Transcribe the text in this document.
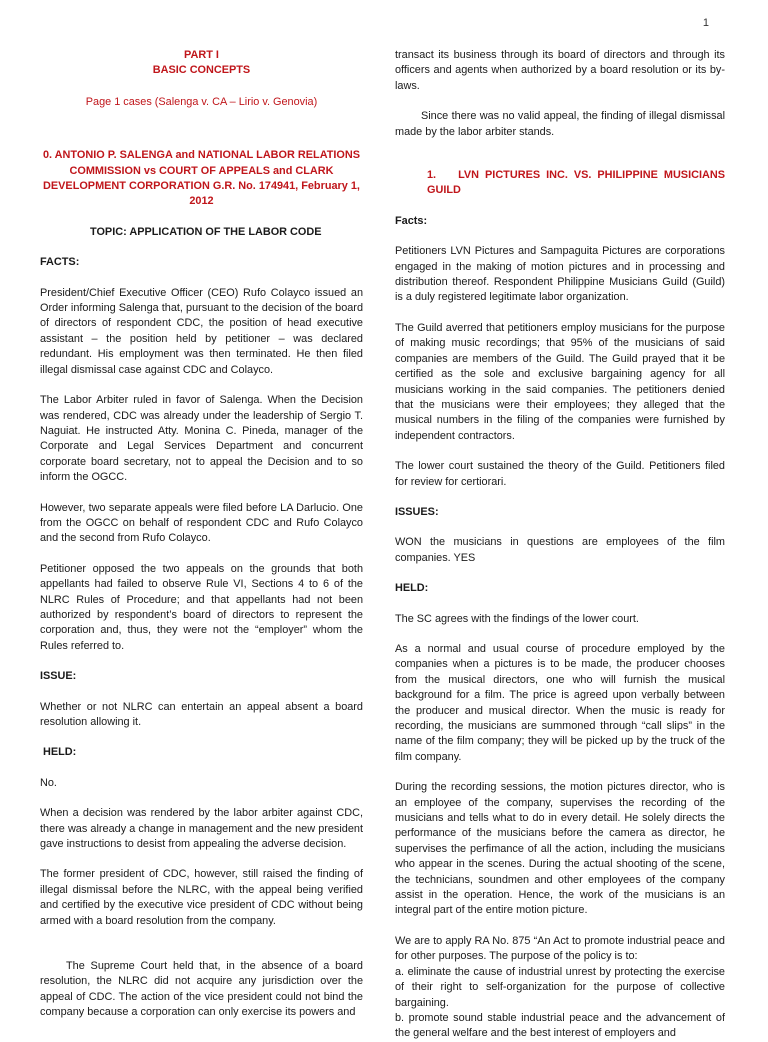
1

PART I

BASIC CONCEPTS

Page 1 cases (Salenga v. CA – Lirio v. Genovia)

0. ANTONIO P. SALENGA and NATIONAL LABOR RELATIONS COMMISSION vs COURT OF APPEALS and CLARK DEVELOPMENT CORPORATION G.R. No. 174941, February 1, 2012

TOPIC: APPLICATION OF THE LABOR CODE

FACTS:

President/Chief Executive Officer (CEO) Rufo Colayco issued an Order informing Salenga that, pursuant to the decision of the board of directors of respondent CDC, the position of head executive assistant – the position held by petitioner – was declared redundant. His employment was then terminated. He then filed illegal dismissal case against CDC and Colayco.

The Labor Arbiter ruled in favor of Salenga. When the Decision was rendered, CDC was already under the leadership of Sergio T. Naguiat. He instructed Atty. Monina C. Pineda, manager of the Corporate and Legal Services Department and concurrent corporate board secretary, not to appeal the Decision and to so inform the OGCC.

However, two separate appeals were filed before LA Darlucio. One from the OGCC on behalf of respondent CDC and Rufo Colayco and the second from Rufo Colayco.

Petitioner opposed the two appeals on the grounds that both appellants had failed to observe Rule VI, Sections 4 to 6 of the NLRC Rules of Procedure; and that appellants had not been authorized by respondent’s board of directors to represent the corporation and, thus, they were not the “employer” whom the Rules referred to.

ISSUE:

Whether or not NLRC can entertain an appeal absent a board resolution allowing it.

HELD:

No.

When a decision was rendered by the labor arbiter against CDC, there was already a change in management and the new president gave instructions to desist from appealing the adverse decision.

The former president of CDC, however, still raised the finding of illegal dismissal before the NLRC, with the appeal being verified and certified by the executive vice president of CDC without being armed with a board resolution from the company.

The Supreme Court held that, in the absence of a board resolution, the NLRC did not acquire any jurisdiction over the appeal of CDC. The action of the vice president could not bind the company because a corporation can only exercise its powers and

transact its business through its board of directors and through its officers and agents when authorized by a board resolution or its by-laws.

Since there was no valid appeal, the finding of illegal dismissal made by the labor arbiter stands.

1. LVN PICTURES INC. VS. PHILIPPINE MUSICIANS GUILD

Facts:

Petitioners LVN Pictures and Sampaguita Pictures are corporations engaged in the making of motion pictures and in processing and distribution thereof. Respondent Philippine Musicians Guild (Guild) is a duly registered legitimate labor organization.

The Guild averred that petitioners employ musicians for the purpose of making music recordings; that 95% of the musicians of said companies are members of the Guild. The Guild prayed that it be certified as the sole and exclusive bargaining agency for all musicians working in the said companies. The petitioners denied that the musicians were their employees; they alleged that the musical numbers in the filing of the companies were furnished by independent contractors.

The lower court sustained the theory of the Guild. Petitioners filed for review for certiorari.

ISSUES:

WON the musicians in questions are employees of the film companies. YES

HELD:

The SC agrees with the findings of the lower court.

As a normal and usual course of procedure employed by the companies when a pictures is to be made, the producer chooses from the musical directors, one who will furnish the musical background for a film. The price is agreed upon verbally between the producer and musical director. When the music is ready for recording, the musicians are summoned through “call slips” in the name of the film company; they will be picked up by the truck of the film company.

During the recording sessions, the motion pictures director, who is an employee of the company, supervises the recording of the musicians and tells what to do in every detail. He solely directs the performance of the musicians before the camera as director, he supervises the perfimance of all the action, including the musicians who appear in the scenes. During the actual shooting of the scene, the technicians, soundmen and other employees of the company assist in the operation. Hence, the work of the musicians is an integral part of the entire motion picture.

We are to apply RA No. 875 “An Act to promote industrial peace and for other purposes. The purpose of the policy is to:

a. eliminate the cause of industrial unrest by protecting the exercise of their right to self-organization for the purpose of collective bargaining.

b. promote sound stable industrial peace and the advancement of the general welfare and the best interest of employers and
